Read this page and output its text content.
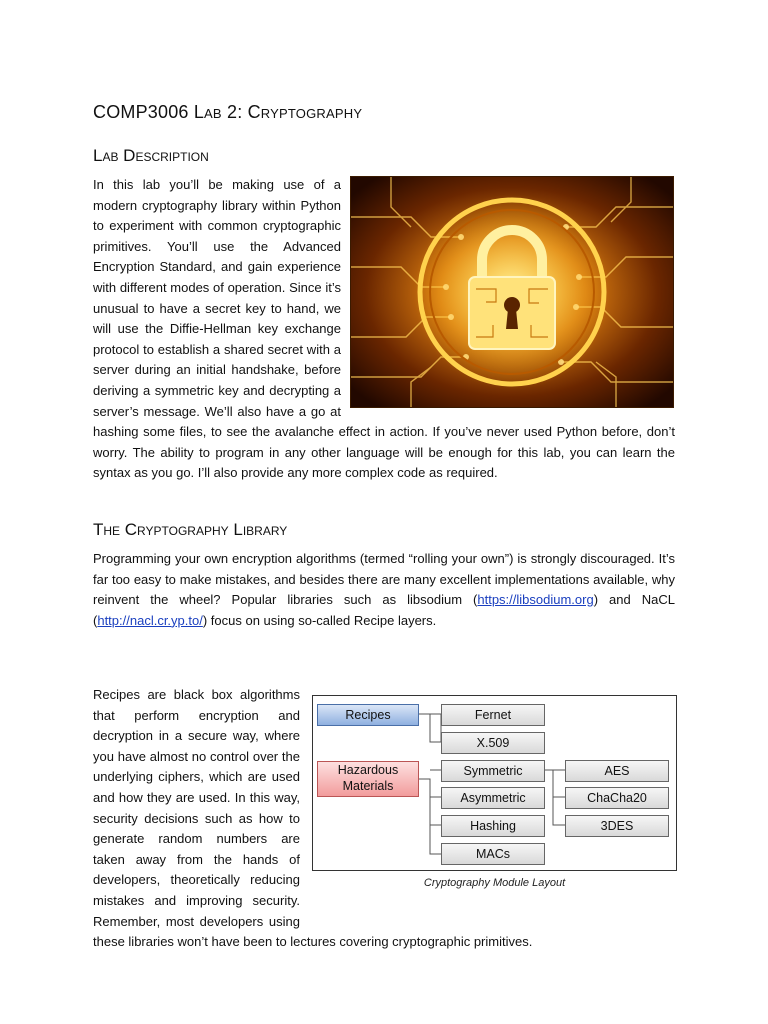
COMP3006 Lab 2: Cryptography
Lab Description
In this lab you’ll be making use of a modern cryptography library within Python to experiment with common cryptographic primitives. You’ll use the Advanced Encryption Standard, and gain experience with different modes of operation. Since it’s unusual to have a secret key to hand, we will use the Diffie-Hellman key exchange protocol to establish a shared secret with a server during an initial handshake, before deriving a symmetric key and decrypting a server’s message. We’ll also have a go at hashing some files, to see the avalanche effect in action. If you’ve never used Python before, don’t worry. The ability to program in any other language will be enough for this lab, you can learn the syntax as you go. I’ll also provide any more complex code as required.
The Cryptography Library
Programming your own encryption algorithms (termed “rolling your own”) is strongly discouraged. It’s far too easy to make mistakes, and besides there are many excellent implementations available, why reinvent the wheel? Popular libraries such as libsodium (https://libsodium.org) and NaCL (http://nacl.cr.yp.to/) focus on using so-called Recipe layers.
Recipes are black box algorithms that perform encryption and decryption in a secure way, where you have almost no control over the underlying ciphers, which are used and how they are used. In this way, security decisions such as how to generate random numbers are taken away from the hands of developers, theoretically reducing mistakes and improving security. Remember, most developers using these libraries won’t have been to lectures covering cryptographic primitives.
Recipes
Hazardous Materials
Fernet
X.509
Symmetric
Asymmetric
Hashing
MACs
AES
ChaCha20
3DES
Cryptography Module Layout
